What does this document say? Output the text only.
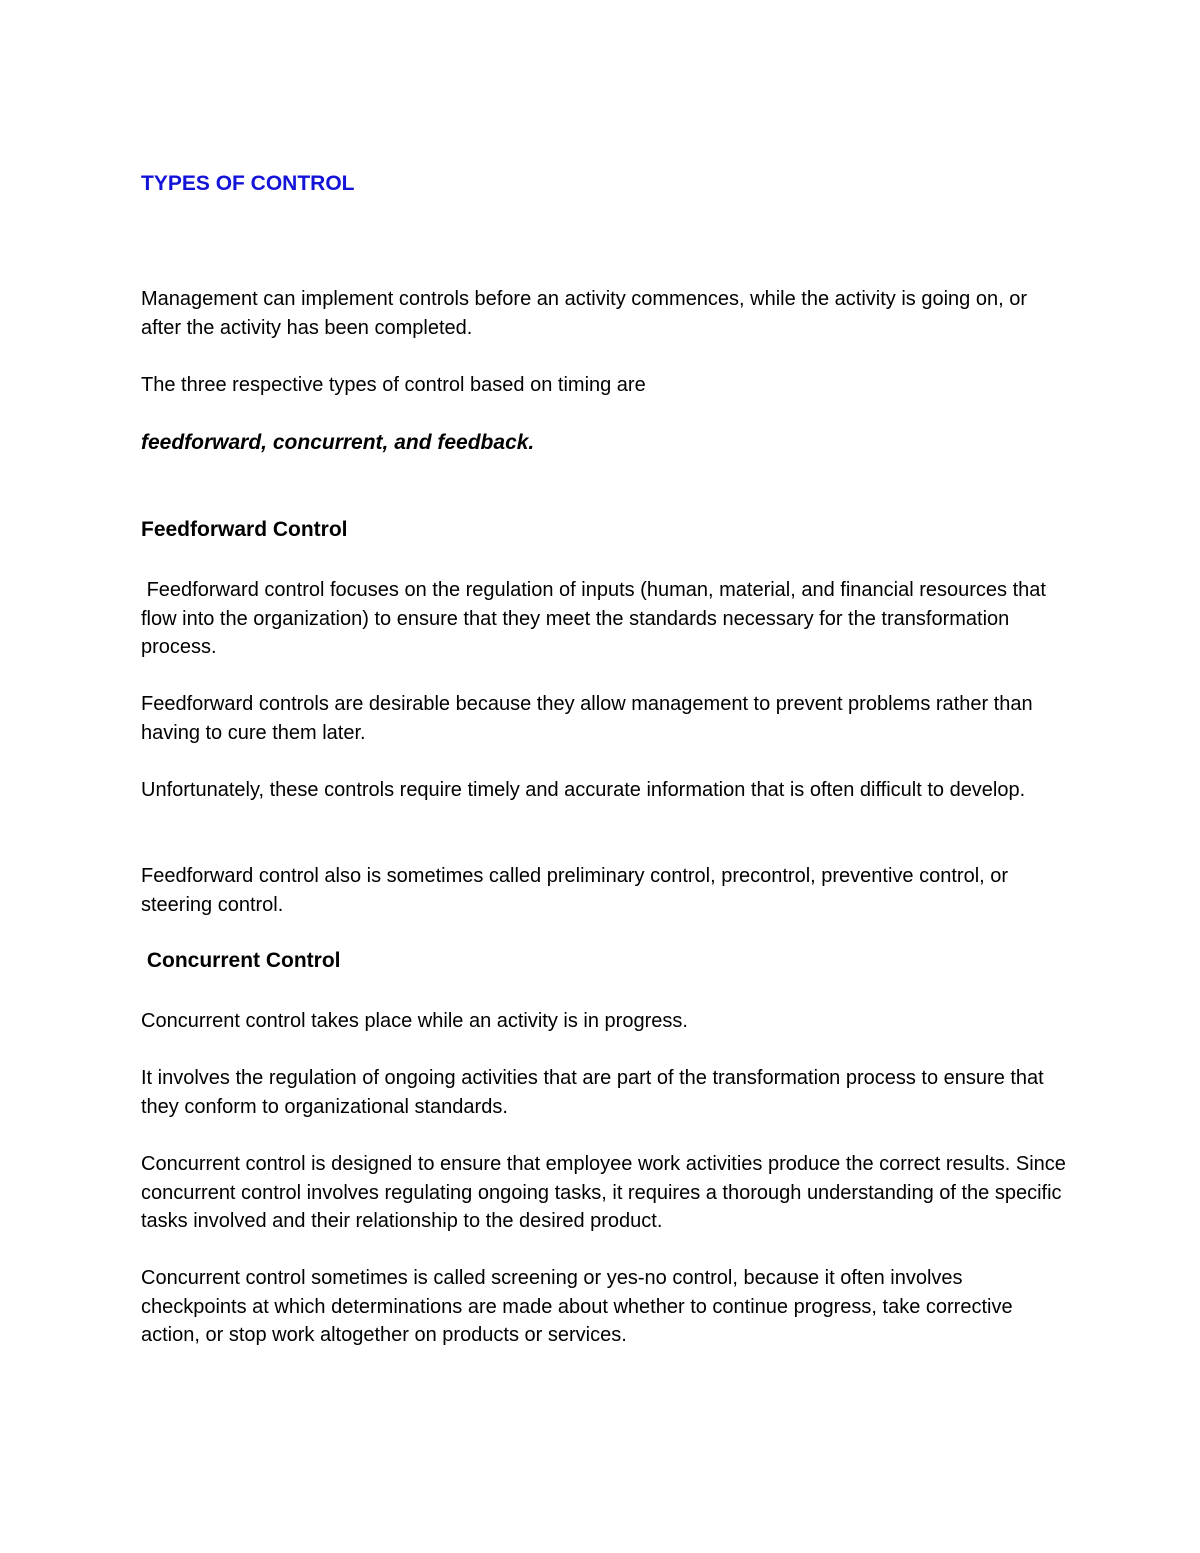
TYPES OF CONTROL

Management can implement controls before an activity commences, while the activity is going on, or after the activity has been completed.

The three respective types of control based on timing are

feedforward, concurrent, and feedback.

Feedforward Control

Feedforward control focuses on the regulation of inputs (human, material, and financial resources that flow into the organization) to ensure that they meet the standards necessary for the transformation process.

Feedforward controls are desirable because they allow management to prevent problems rather than having to cure them later.

Unfortunately, these controls require timely and accurate information that is often difficult to develop.

Feedforward control also is sometimes called preliminary control, precontrol, preventive control, or steering control.

Concurrent Control

Concurrent control takes place while an activity is in progress.

It involves the regulation of ongoing activities that are part of the transformation process to ensure that they conform to organizational standards.

Concurrent control is designed to ensure that employee work activities produce the correct results. Since concurrent control involves regulating ongoing tasks, it requires a thorough understanding of the specific tasks involved and their relationship to the desired product.

Concurrent control sometimes is called screening or yes-no control, because it often involves checkpoints at which determinations are made about whether to continue progress, take corrective action, or stop work altogether on products or services.
